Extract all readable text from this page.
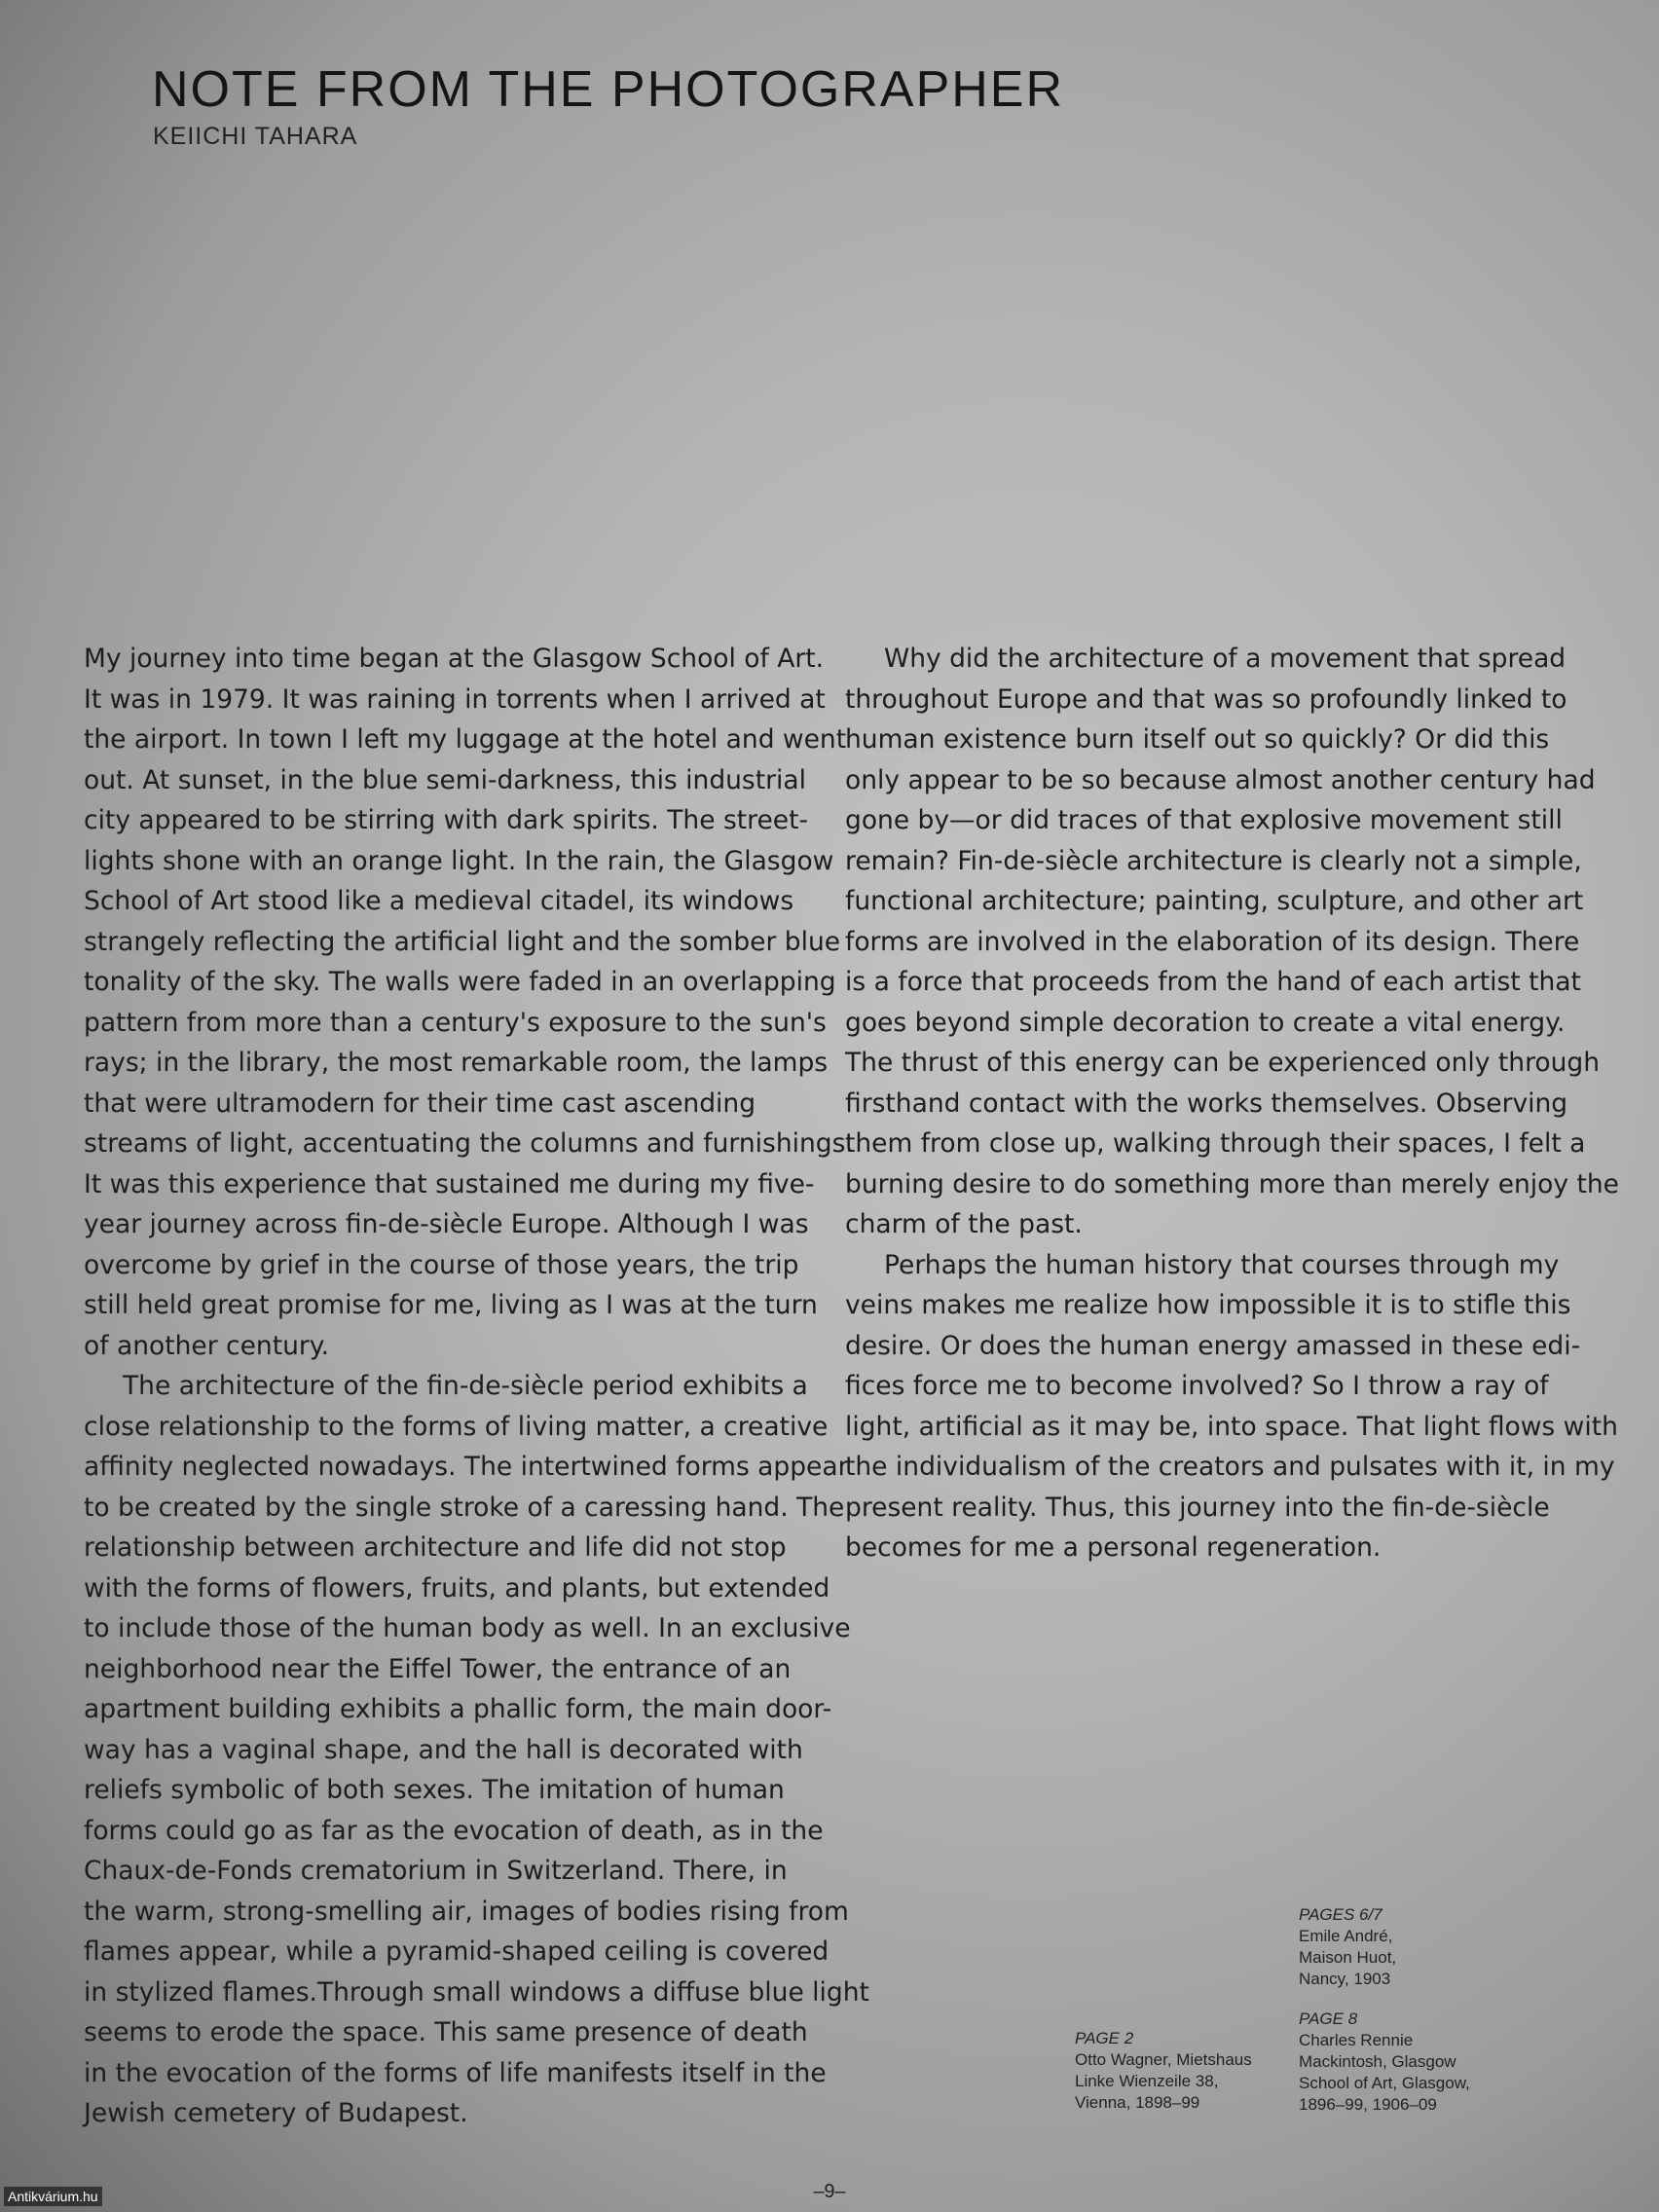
NOTE FROM THE PHOTOGRAPHER
KEIICHI TAHARA
My journey into time began at the Glasgow School of Art.
It was in 1979. It was raining in torrents when I arrived at
the airport. In town I left my luggage at the hotel and went
out. At sunset, in the blue semi-darkness, this industrial
city appeared to be stirring with dark spirits. The street-
lights shone with an orange light. In the rain, the Glasgow
School of Art stood like a medieval citadel, its windows
strangely reflecting the artificial light and the somber blue
tonality of the sky. The walls were faded in an overlapping
pattern from more than a century's exposure to the sun's
rays; in the library, the most remarkable room, the lamps
that were ultramodern for their time cast ascending
streams of light, accentuating the columns and furnishings.
It was this experience that sustained me during my five-
year journey across fin-de-siècle Europe. Although I was
overcome by grief in the course of those years, the trip
still held great promise for me, living as I was at the turn
of another century.
The architecture of the fin-de-siècle period exhibits a
close relationship to the forms of living matter, a creative
affinity neglected nowadays. The intertwined forms appear
to be created by the single stroke of a caressing hand. The
relationship between architecture and life did not stop
with the forms of flowers, fruits, and plants, but extended
to include those of the human body as well. In an exclusive
neighborhood near the Eiffel Tower, the entrance of an
apartment building exhibits a phallic form, the main door-
way has a vaginal shape, and the hall is decorated with
reliefs symbolic of both sexes. The imitation of human
forms could go as far as the evocation of death, as in the
Chaux-de-Fonds crematorium in Switzerland. There, in
the warm, strong-smelling air, images of bodies rising from
flames appear, while a pyramid-shaped ceiling is covered
in stylized flames.Through small windows a diffuse blue light
seems to erode the space. This same presence of death
in the evocation of the forms of life manifests itself in the
Jewish cemetery of Budapest.
Why did the architecture of a movement that spread
throughout Europe and that was so profoundly linked to
human existence burn itself out so quickly? Or did this
only appear to be so because almost another century had
gone by—or did traces of that explosive movement still
remain? Fin-de-siècle architecture is clearly not a simple,
functional architecture; painting, sculpture, and other art
forms are involved in the elaboration of its design. There
is a force that proceeds from the hand of each artist that
goes beyond simple decoration to create a vital energy.
The thrust of this energy can be experienced only through
firsthand contact with the works themselves. Observing
them from close up, walking through their spaces, I felt a
burning desire to do something more than merely enjoy the
charm of the past.
Perhaps the human history that courses through my
veins makes me realize how impossible it is to stifle this
desire. Or does the human energy amassed in these edi-
fices force me to become involved? So I throw a ray of
light, artificial as it may be, into space. That light flows with
the individualism of the creators and pulsates with it, in my
present reality. Thus, this journey into the fin-de-siècle
becomes for me a personal regeneration.
PAGE 2
Otto Wagner, Mietshaus
Linke Wienzeile 38,
Vienna, 1898–99
PAGES 6/7
Emile André,
Maison Huot,
Nancy, 1903
PAGE 8
Charles Rennie
Mackintosh, Glasgow
School of Art, Glasgow,
1896–99, 1906–09
–9–
Antikvárium.hu
